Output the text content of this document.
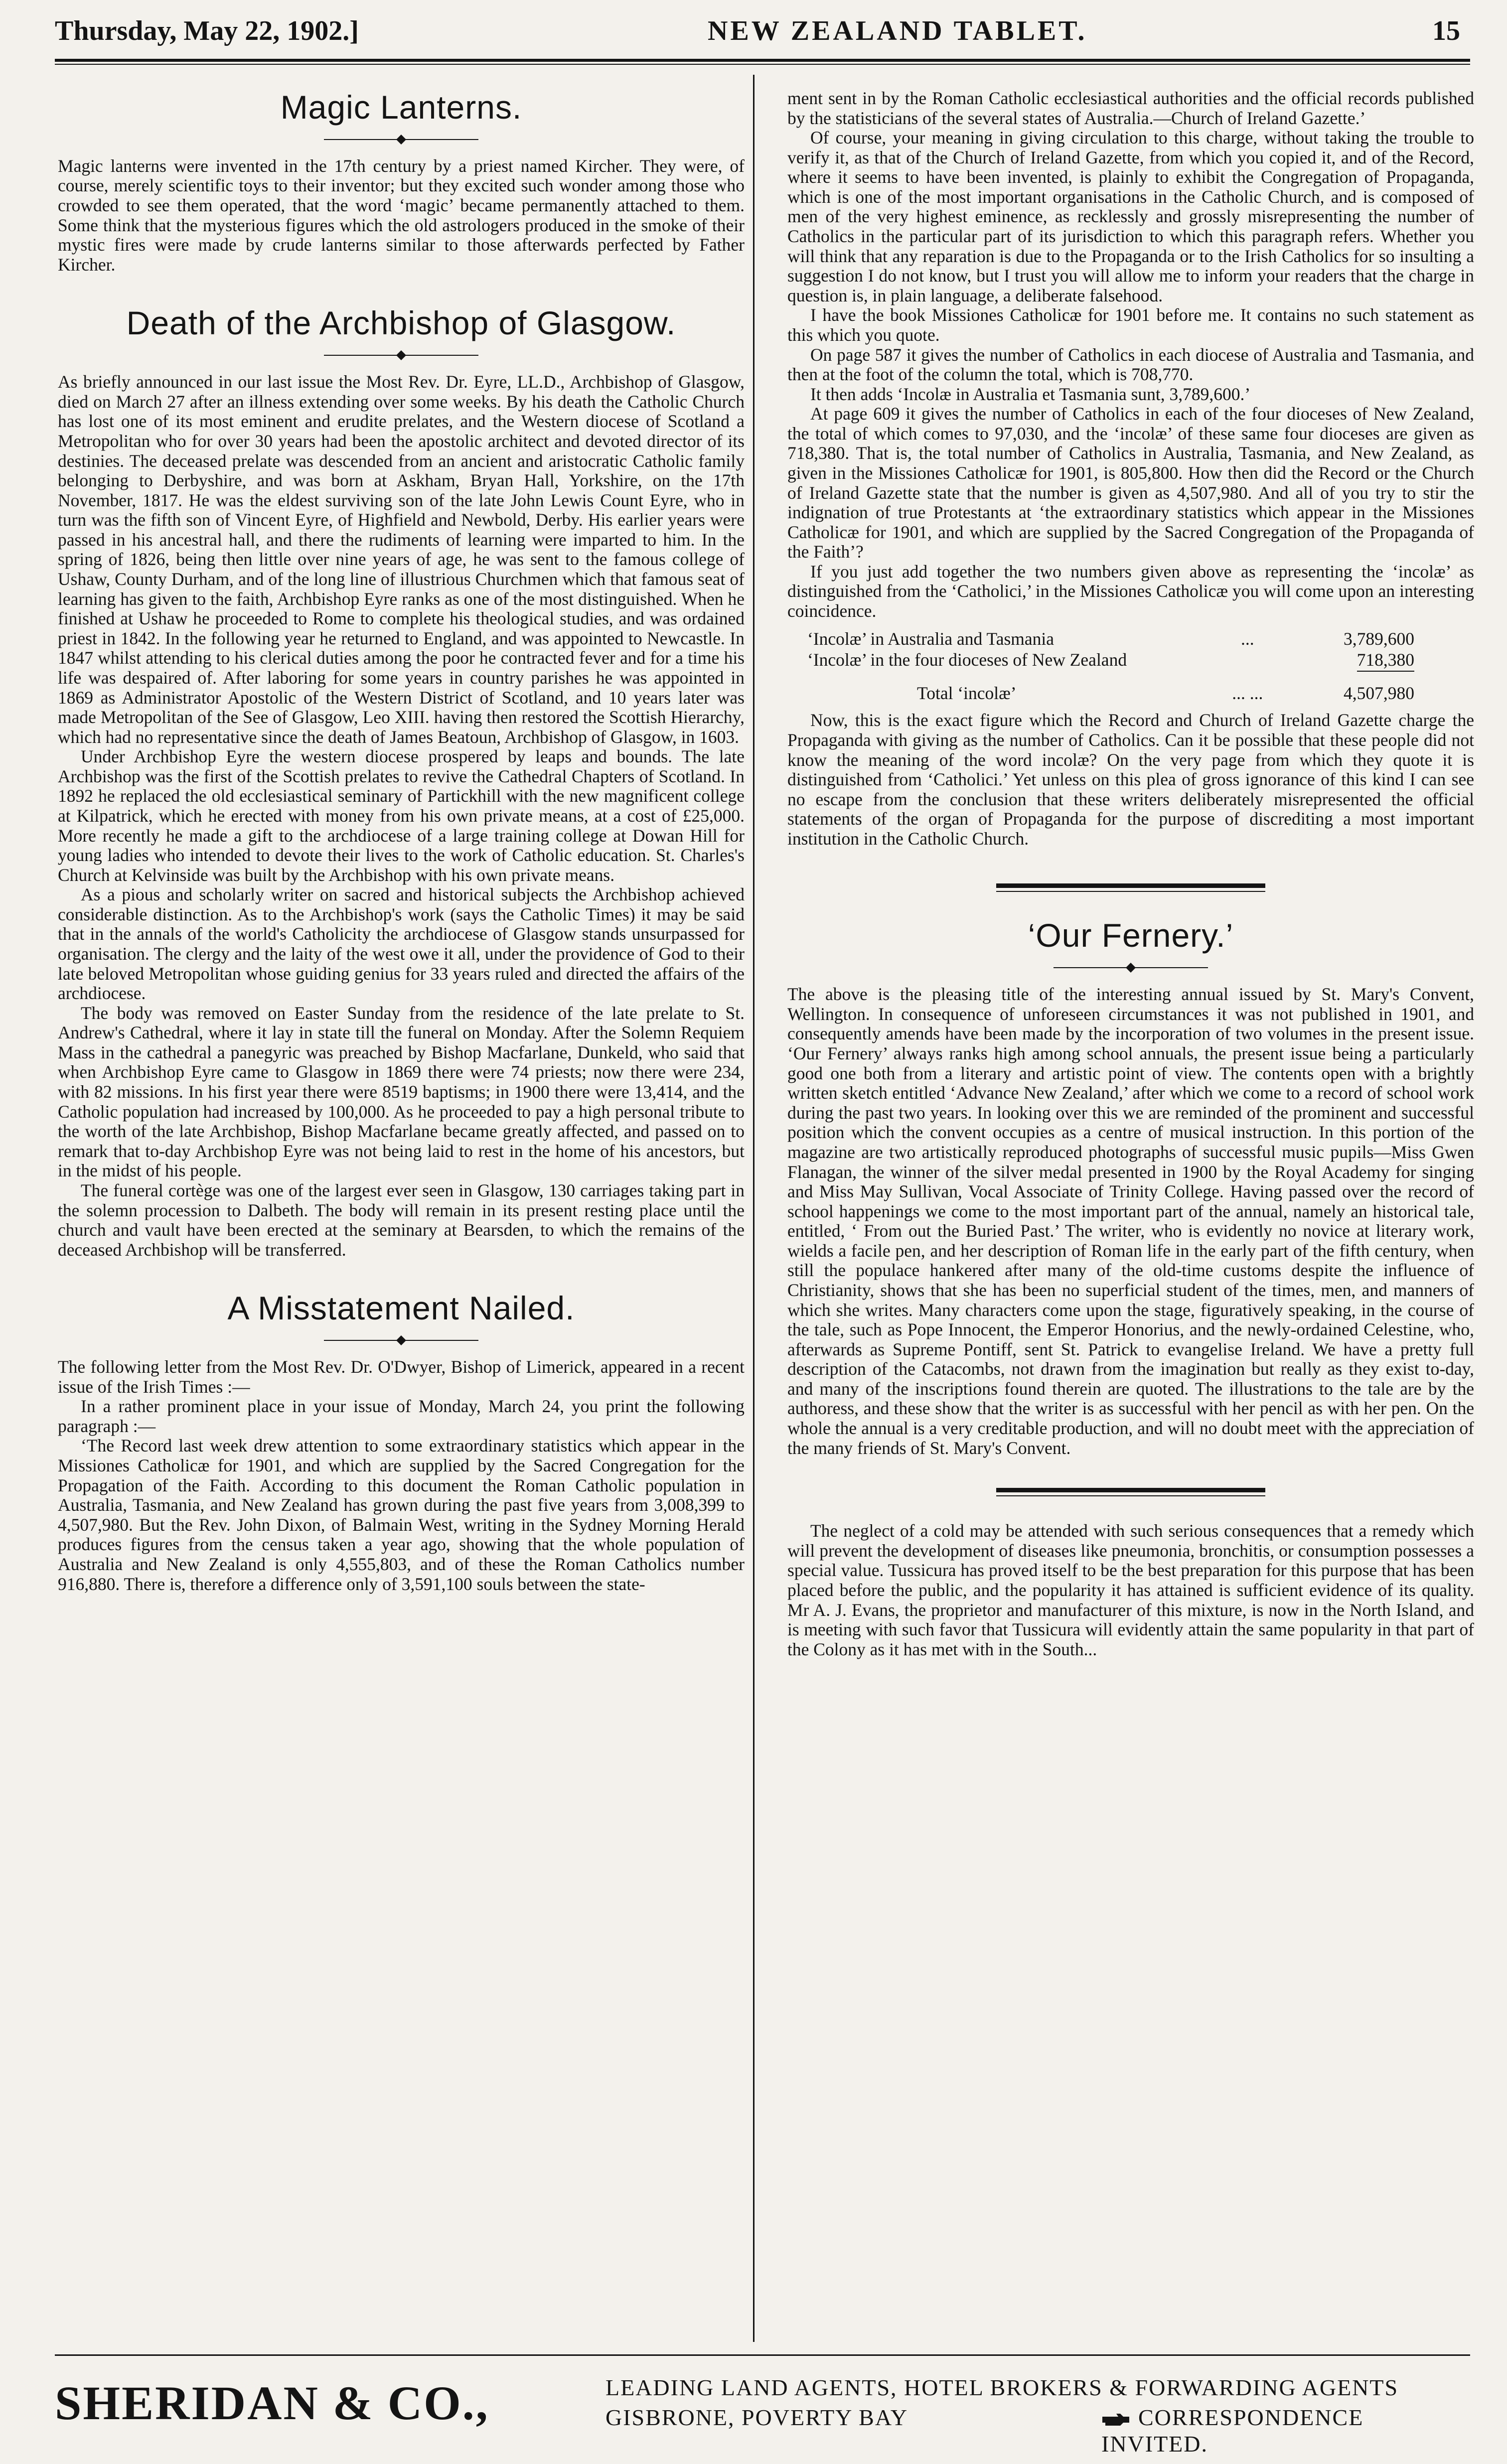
Thursday, May 22, 1902.]	NEW ZEALAND TABLET.	15
Magic Lanterns.

Magic lanterns were invented in the 17th century by a priest named Kircher. They were, of course, merely scientific toys to their inventor; but they excited such wonder among those who crowded to see them operated, that the word ‘magic’ became permanently attached to them. Some think that the mysterious figures which the old astrologers produced in the smoke of their mystic fires were made by crude lanterns similar to those afterwards perfected by Father Kircher.

Death of the Archbishop of Glasgow.

As briefly announced in our last issue the Most Rev. Dr. Eyre, LL.D., Archbishop of Glasgow, died on March 27 after an illness extending over some weeks. By his death the Catholic Church has lost one of its most eminent and erudite prelates, and the Western diocese of Scotland a Metropolitan who for over 30 years had been the apostolic architect and devoted director of its destinies. The deceased prelate was descended from an ancient and aristocratic Catholic family belonging to Derbyshire, and was born at Askham, Bryan Hall, Yorkshire, on the 17th November, 1817. He was the eldest surviving son of the late John Lewis Count Eyre, who in turn was the fifth son of Vincent Eyre, of Highfield and Newbold, Derby. His earlier years were passed in his ancestral hall, and there the rudiments of learning were imparted to him. In the spring of 1826, being then little over nine years of age, he was sent to the famous college of Ushaw, County Durham, and of the long line of illustrious Churchmen which that famous seat of learning has given to the faith, Archbishop Eyre ranks as one of the most distinguished. When he finished at Ushaw he proceeded to Rome to complete his theological studies, and was ordained priest in 1842. In the following year he returned to England, and was appointed to Newcastle. In 1847 whilst attending to his clerical duties among the poor he contracted fever and for a time his life was despaired of. After laboring for some years in country parishes he was appointed in 1869 as Administrator Apostolic of the Western District of Scotland, and 10 years later was made Metropolitan of the See of Glasgow, Leo XIII. having then restored the Scottish Hierarchy, which had no representative since the death of James Beatoun, Archbishop of Glasgow, in 1603.

Under Archbishop Eyre the western diocese prospered by leaps and bounds. The late Archbishop was the first of the Scottish prelates to revive the Cathedral Chapters of Scotland. In 1892 he replaced the old ecclesiastical seminary of Partickhill with the new magnificent college at Kilpatrick, which he erected with money from his own private means, at a cost of £25,000. More recently he made a gift to the archdiocese of a large training college at Dowan Hill for young ladies who intended to devote their lives to the work of Catholic education. St. Charles's Church at Kelvinside was built by the Archbishop with his own private means.

As a pious and scholarly writer on sacred and historical subjects the Archbishop achieved considerable distinction. As to the Archbishop's work (says the Catholic Times) it may be said that in the annals of the world's Catholicity the archdiocese of Glasgow stands unsurpassed for organisation. The clergy and the laity of the west owe it all, under the providence of God to their late beloved Metropolitan whose guiding genius for 33 years ruled and directed the affairs of the archdiocese.

The body was removed on Easter Sunday from the residence of the late prelate to St. Andrew's Cathedral, where it lay in state till the funeral on Monday. After the Solemn Requiem Mass in the cathedral a panegyric was preached by Bishop Macfarlane, Dunkeld, who said that when Archbishop Eyre came to Glasgow in 1869 there were 74 priests; now there were 234, with 82 missions. In his first year there were 8519 baptisms; in 1900 there were 13,414, and the Catholic population had increased by 100,000. As he proceeded to pay a high personal tribute to the worth of the late Archbishop, Bishop Macfarlane became greatly affected, and passed on to remark that to-day Archbishop Eyre was not being laid to rest in the home of his ancestors, but in the midst of his people.

The funeral cortège was one of the largest ever seen in Glasgow, 130 carriages taking part in the solemn procession to Dalbeth. The body will remain in its present resting place until the church and vault have been erected at the seminary at Bearsden, to which the remains of the deceased Archbishop will be transferred.

A Misstatement Nailed.

The following letter from the Most Rev. Dr. O'Dwyer, Bishop of Limerick, appeared in a recent issue of the Irish Times :—

In a rather prominent place in your issue of Monday, March 24, you print the following paragraph :—

‘The Record last week drew attention to some extraordinary statistics which appear in the Missiones Catholicæ for 1901, and which are supplied by the Sacred Congregation for the Propagation of the Faith. According to this document the Roman Catholic population in Australia, Tasmania, and New Zealand has grown during the past five years from 3,008,399 to 4,507,980. But the Rev. John Dixon, of Balmain West, writing in the Sydney Morning Herald produces figures from the census taken a year ago, showing that the whole population of Australia and New Zealand is only 4,555,803, and of these the Roman Catholics number 916,880. There is, therefore a difference only of 3,591,100 souls between the state-

ment sent in by the Roman Catholic ecclesiastical authorities and the official records published by the statisticians of the several states of Australia.—Church of Ireland Gazette.’

Of course, your meaning in giving circulation to this charge, without taking the trouble to verify it, as that of the Church of Ireland Gazette, from which you copied it, and of the Record, where it seems to have been invented, is plainly to exhibit the Congregation of Propaganda, which is one of the most important organisations in the Catholic Church, and is composed of men of the very highest eminence, as recklessly and grossly misrepresenting the number of Catholics in the particular part of its jurisdiction to which this paragraph refers. Whether you will think that any reparation is due to the Propaganda or to the Irish Catholics for so insulting a suggestion I do not know, but I trust you will allow me to inform your readers that the charge in question is, in plain language, a deliberate falsehood.

I have the book Missiones Catholicæ for 1901 before me. It contains no such statement as this which you quote.

On page 587 it gives the number of Catholics in each diocese of Australia and Tasmania, and then at the foot of the column the total, which is 708,770.

It then adds ‘Incolæ in Australia et Tasmania sunt, 3,789,600.’

At page 609 it gives the number of Catholics in each of the four dioceses of New Zealand, the total of which comes to 97,030, and the ‘incolæ’ of these same four dioceses are given as 718,380. That is, the total number of Catholics in Australia, Tasmania, and New Zealand, as given in the Missiones Catholicæ for 1901, is 805,800. How then did the Record or the Church of Ireland Gazette state that the number is given as 4,507,980. And all of you try to stir the indignation of true Protestants at ‘the extraordinary statistics which appear in the Missiones Catholicæ for 1901, and which are supplied by the Sacred Congregation of the Propaganda of the Faith’?

If you just add together the two numbers given above as representing the ‘incolæ’ as distinguished from the ‘Catholici,’ in the Missiones Catholicæ you will come upon an interesting coincidence.

‘Incolæ’ in Australia and Tasmania	...	3,789,600
‘Incolæ’ in the four dioceses of New Zealand		718,380
Total ‘incolæ’	... ...	4,507,980

Now, this is the exact figure which the Record and Church of Ireland Gazette charge the Propaganda with giving as the number of Catholics. Can it be possible that these people did not know the meaning of the word incolæ? On the very page from which they quote it is distinguished from ‘Catholici.’ Yet unless on this plea of gross ignorance of this kind I can see no escape from the conclusion that these writers deliberately misrepresented the official statements of the organ of Propaganda for the purpose of discrediting a most important institution in the Catholic Church.

‘Our Fernery.’

The above is the pleasing title of the interesting annual issued by St. Mary's Convent, Wellington. In consequence of unforeseen circumstances it was not published in 1901, and consequently amends have been made by the incorporation of two volumes in the present issue. ‘Our Fernery’ always ranks high among school annuals, the present issue being a particularly good one both from a literary and artistic point of view. The contents open with a brightly written sketch entitled ‘Advance New Zealand,’ after which we come to a record of school work during the past two years. In looking over this we are reminded of the prominent and successful position which the convent occupies as a centre of musical instruction. In this portion of the magazine are two artistically reproduced photographs of successful music pupils—Miss Gwen Flanagan, the winner of the silver medal presented in 1900 by the Royal Academy for singing and Miss May Sullivan, Vocal Associate of Trinity College. Having passed over the record of school happenings we come to the most important part of the annual, namely an historical tale, entitled, ‘ From out the Buried Past.’ The writer, who is evidently no novice at literary work, wields a facile pen, and her description of Roman life in the early part of the fifth century, when still the populace hankered after many of the old-time customs despite the influence of Christianity, shows that she has been no superficial student of the times, men, and manners of which she writes. Many characters come upon the stage, figuratively speaking, in the course of the tale, such as Pope Innocent, the Emperor Honorius, and the newly-ordained Celestine, who, afterwards as Supreme Pontiff, sent St. Patrick to evangelise Ireland. We have a pretty full description of the Catacombs, not drawn from the imagination but really as they exist to-day, and many of the inscriptions found therein are quoted. The illustrations to the tale are by the authoress, and these show that the writer is as successful with her pencil as with her pen. On the whole the annual is a very creditable production, and will no doubt meet with the appreciation of the many friends of St. Mary's Convent.

The neglect of a cold may be attended with such serious consequences that a remedy which will prevent the development of diseases like pneumonia, bronchitis, or consumption possesses a special value. Tussicura has proved itself to be the best preparation for this purpose that has been placed before the public, and the popularity it has attained is sufficient evidence of its quality. Mr A. J. Evans, the proprietor and manufacturer of this mixture, is now in the North Island, and is meeting with such favor that Tussicura will evidently attain the same popularity in that part of the Colony as it has met with in the South...

SHERIDAN & CO.,	LEADING LAND AGENTS, HOTEL BROKERS & FORWARDING AGENTS
GISBRONE, POVERTY BAY	CORRESPONDENCE INVITED.
